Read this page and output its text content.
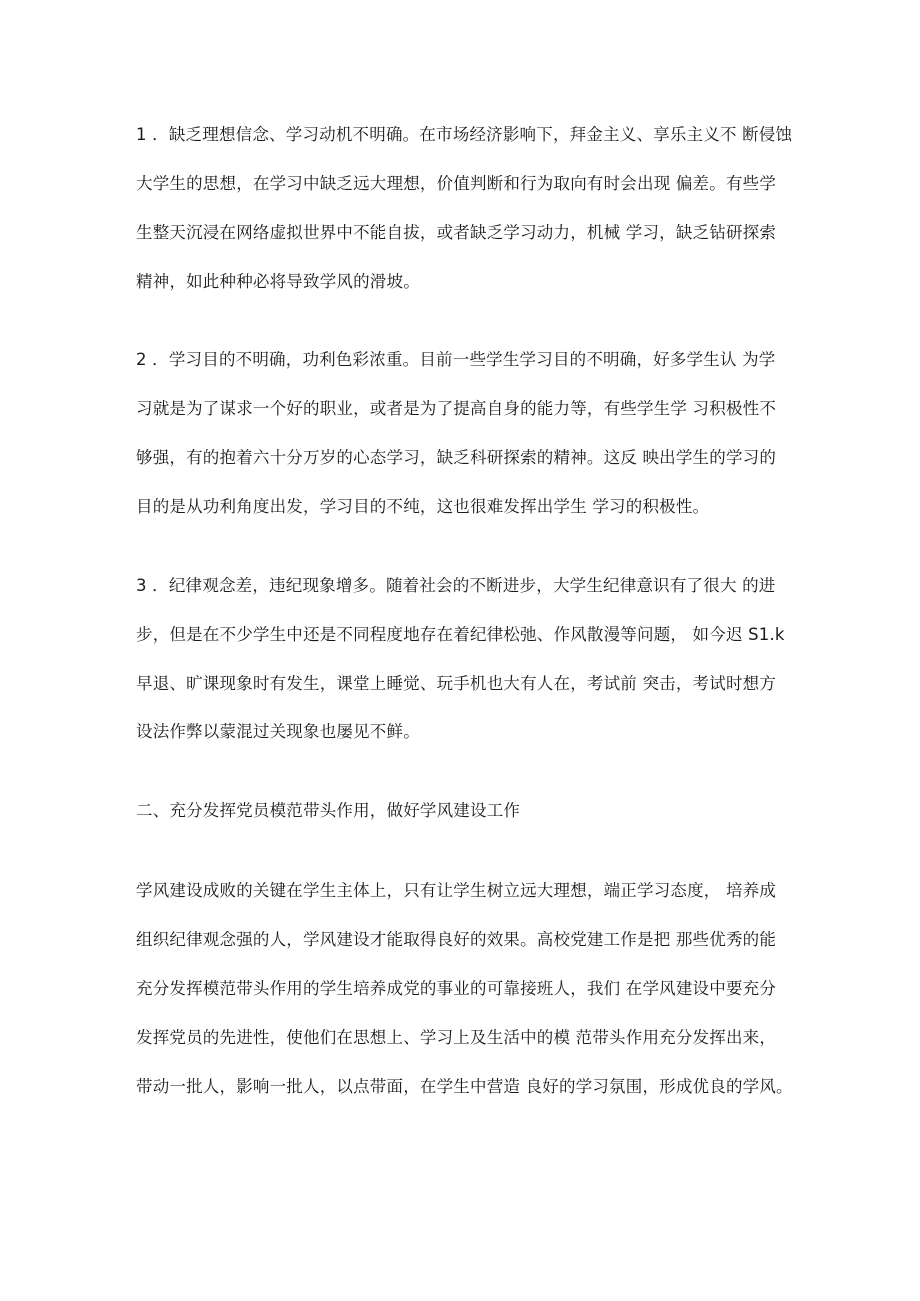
1 ．缺乏理想信念、学习动机不明确。在市场经济影响下，拜金主义、享乐主义不 断侵蚀
大学生的思想，在学习中缺乏远大理想，价值判断和行为取向有时会出现 偏差。有些学
生整天沉浸在网络虚拟世界中不能自拔，或者缺乏学习动力，机械 学习，缺乏钻研探索
精神，如此种种必将导致学风的滑坡。
2 ．学习目的不明确，功利色彩浓重。目前一些学生学习目的不明确，好多学生认 为学
习就是为了谋求一个好的职业，或者是为了提高自身的能力等，有些学生学 习积极性不
够强，有的抱着六十分万岁的心态学习，缺乏科研探索的精神。这反 映出学生的学习的
目的是从功利角度出发，学习目的不纯，这也很难发挥出学生 学习的积极性。
3 ．纪律观念差，违纪现象增多。随着社会的不断进步，大学生纪律意识有了很大 的进
步，但是在不少学生中还是不同程度地存在着纪律松弛、作风散漫等问题， 如今迟 S1.k
早退、旷课现象时有发生，课堂上睡觉、玩手机也大有人在，考试前 突击，考试时想方
设法作弊以蒙混过关现象也屡见不鲜。
二、充分发挥党员模范带头作用，做好学风建设工作
学风建设成败的关键在学生主体上，只有让学生树立远大理想，端正学习态度， 培养成
组织纪律观念强的人，学风建设才能取得良好的效果。高校党建工作是把 那些优秀的能
充分发挥模范带头作用的学生培养成党的事业的可靠接班人，我们 在学风建设中要充分
发挥党员的先进性，使他们在思想上、学习上及生活中的模 范带头作用充分发挥出来，
带动一批人，影响一批人，以点带面，在学生中营造 良好的学习氛围，形成优良的学风。
